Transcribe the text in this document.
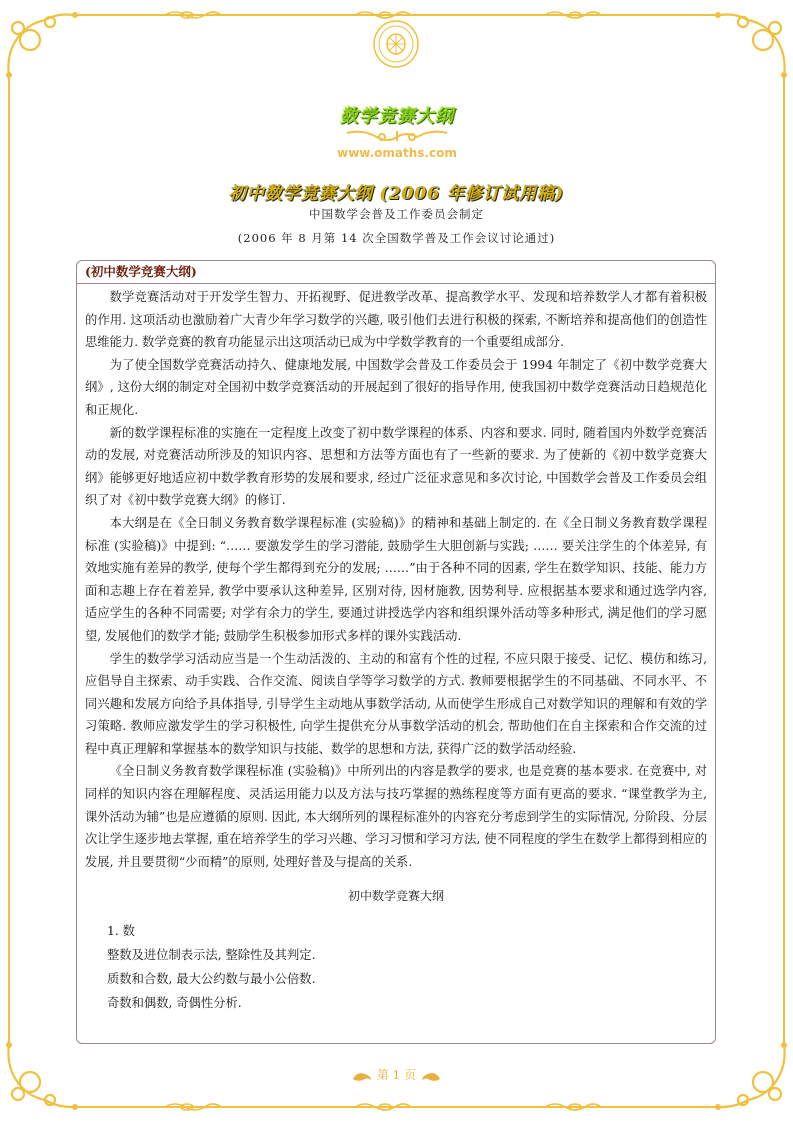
数学竞赛大纲
www.omaths.com
初中数学竞赛大纲 (2006 年修订试用稿)
中国数学会普及工作委员会制定
(2006 年 8 月第 14 次全国数学普及工作会议讨论通过)
(初中数学竞赛大纲)

数学竞赛活动对于开发学生智力、开拓视野、促进教学改革、提高教学水平、发现和培养数学人才都有着积极的作用. 这项活动也激励着广大青少年学习数学的兴趣, 吸引他们去进行积极的探索, 不断培养和提高他们的创造性思维能力. 数学竞赛的教育功能显示出这项活动已成为中学数学教育的一个重要组成部分.

为了使全国数学竞赛活动持久、健康地发展, 中国数学会普及工作委员会于 1994 年制定了《初中数学竞赛大纲》, 这份大纲的制定对全国初中数学竞赛活动的开展起到了很好的指导作用, 使我国初中数学竞赛活动日趋规范化和正规化.

新的数学课程标准的实施在一定程度上改变了初中数学课程的体系、内容和要求. 同时, 随着国内外数学竞赛活动的发展, 对竞赛活动所涉及的知识内容、思想和方法等方面也有了一些新的要求. 为了使新的《初中数学竞赛大纲》能够更好地适应初中数学教育形势的发展和要求, 经过广泛征求意见和多次讨论, 中国数学会普及工作委员会组织了对《初中数学竞赛大纲》的修订.

本大纲是在《全日制义务教育数学课程标准 (实验稿)》的精神和基础上制定的. 在《全日制义务教育数学课程标准 (实验稿)》中提到: “…… 要激发学生的学习潜能, 鼓励学生大胆创新与实践; …… 要关注学生的个体差异, 有效地实施有差异的教学, 使每个学生都得到充分的发展; ……”由于各种不同的因素, 学生在数学知识、技能、能力方面和志趣上存在着差异, 教学中要承认这种差异, 区别对待, 因材施教, 因势利导. 应根据基本要求和通过选学内容, 适应学生的各种不同需要; 对学有余力的学生, 要通过讲授选学内容和组织课外活动等多种形式, 满足他们的学习愿望, 发展他们的数学才能; 鼓励学生积极参加形式多样的课外实践活动.

学生的数学学习活动应当是一个生动活泼的、主动的和富有个性的过程, 不应只限于接受、记忆、模仿和练习, 应倡导自主探索、动手实践、合作交流、阅读自学等学习数学的方式. 教师要根据学生的不同基础、不同水平、不同兴趣和发展方向给予具体指导, 引导学生主动地从事数学活动, 从而使学生形成自己对数学知识的理解和有效的学习策略. 教师应激发学生的学习积极性, 向学生提供充分从事数学活动的机会, 帮助他们在自主探索和合作交流的过程中真正理解和掌握基本的数学知识与技能、数学的思想和方法, 获得广泛的数学活动经验.

《全日制义务教育数学课程标准 (实验稿)》中所列出的内容是教学的要求, 也是竞赛的基本要求. 在竞赛中, 对同样的知识内容在理解程度、灵活运用能力以及方法与技巧掌握的熟练程度等方面有更高的要求. “课堂教学为主, 课外活动为辅”也是应遵循的原则. 因此, 本大纲所列的课程标准外的内容充分考虑到学生的实际情况, 分阶段、分层次让学生逐步地去掌握, 重在培养学生的学习兴趣、学习习惯和学习方法, 使不同程度的学生在数学上都得到相应的发展, 并且要贯彻“少而精”的原则, 处理好普及与提高的关系.

初中数学竞赛大纲

1. 数

整数及进位制表示法, 整除性及其判定.

质数和合数, 最大公约数与最小公倍数.

奇数和偶数, 奇偶性分析.

第 1 页
